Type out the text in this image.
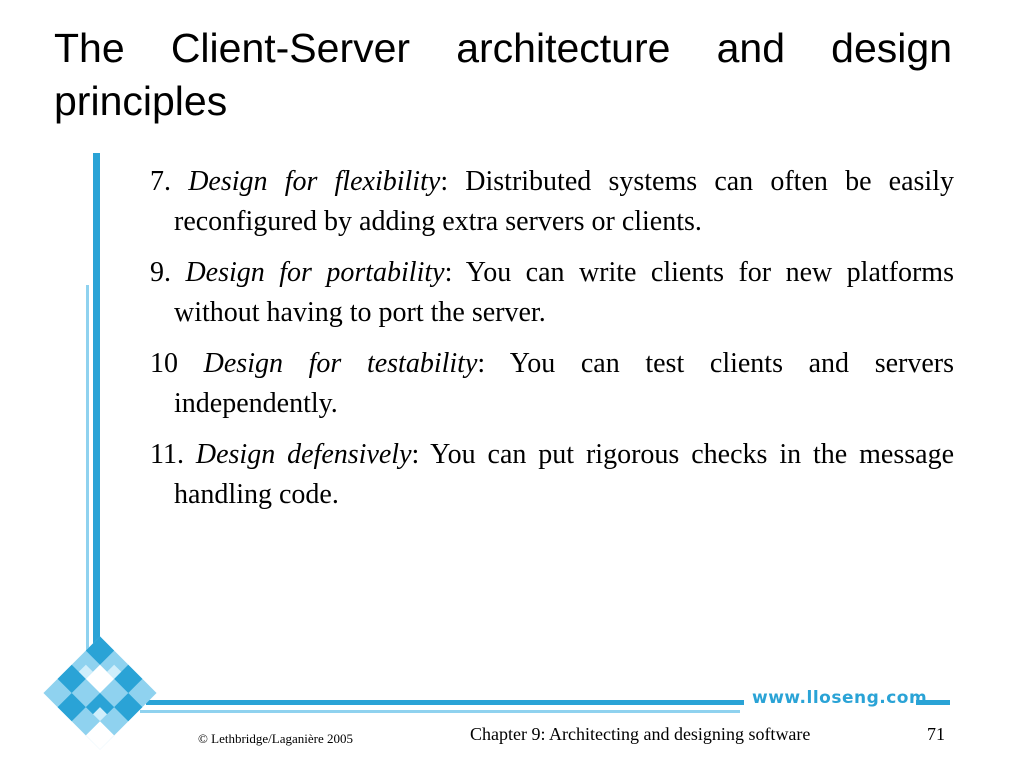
The Client-Server architecture and design principles
www.lloseng.com

7. Design for flexibility: Distributed systems can often be easily reconfigured by adding extra servers or clients.

9. Design for portability: You can write clients for new platforms without having to port the server.

10 Design for testability: You can test clients and servers independently.

11. Design defensively: You can put rigorous checks in the message handling code.

© Lethbridge/Laganière 2005	Chapter 9: Architecting and designing software	71
